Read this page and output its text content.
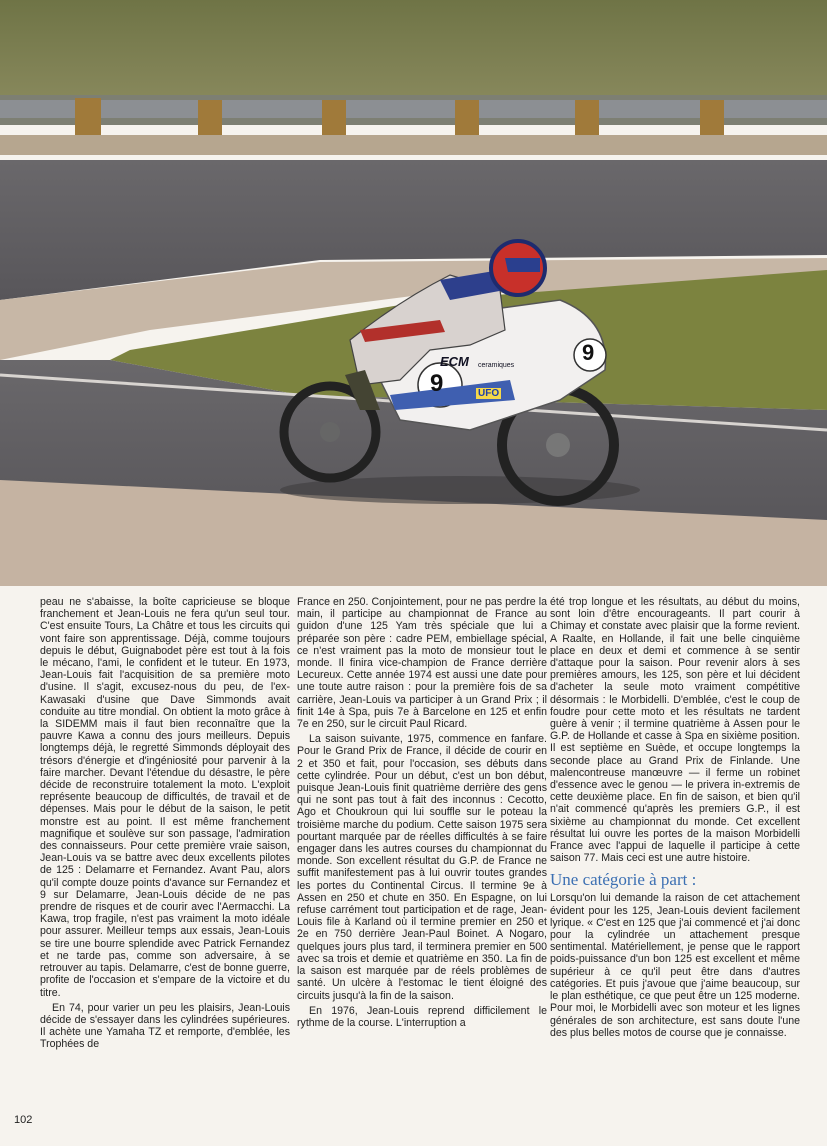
9
9
ECM ceramiques
UFO

peau ne s'abaisse, la boîte capricieuse se bloque franchement et Jean-Louis ne fera qu'un seul tour. C'est ensuite Tours, La Châtre et tous les circuits qui vont faire son apprentissage. Déjà, comme toujours depuis le début, Guignabodet père est tout à la fois le mécano, l'ami, le confident et le tuteur. En 1973, Jean-Louis fait l'acquisition de sa première moto d'usine. Il s'agit, excusez-nous du peu, de l'ex-Kawasaki d'usine que Dave Simmonds avait conduite au titre mondial. On obtient la moto grâce à la SIDEMM mais il faut bien reconnaître que la pauvre Kawa a connu des jours meilleurs. Depuis longtemps déjà, le regretté Simmonds déployait des trésors d'énergie et d'ingéniosité pour parvenir à la faire marcher. Devant l'étendue du désastre, le père décide de reconstruire totalement la moto. L'exploit représente beaucoup de difficultés, de travail et de dépenses. Mais pour le début de la saison, le petit monstre est au point. Il est même franchement magnifique et soulève sur son passage, l'admiration des connaisseurs. Pour cette première vraie saison, Jean-Louis va se battre avec deux excellents pilotes de 125 : Delamarre et Fernandez. Avant Pau, alors qu'il compte douze points d'avance sur Fernandez et 9 sur Delamarre, Jean-Louis décide de ne pas prendre de risques et de courir avec l'Aermacchi. La Kawa, trop fragile, n'est pas vraiment la moto idéale pour assurer. Meilleur temps aux essais, Jean-Louis se tire une bourre splendide avec Patrick Fernandez et ne tarde pas, comme son adversaire, à se retrouver au tapis. Delamarre, c'est de bonne guerre, profite de l'occasion et s'empare de la victoire et du titre.

En 74, pour varier un peu les plaisirs, Jean-Louis décide de s'essayer dans les cylindrées supérieures. Il achète une Yamaha TZ et remporte, d'emblée, les Trophées de

France en 250. Conjointement, pour ne pas perdre la main, il participe au championnat de France au guidon d'une 125 Yam très spéciale que lui a préparée son père : cadre PEM, embiellage spécial, ce n'est vraiment pas la moto de monsieur tout le monde. Il finira vice-champion de France derrière Lecureux. Cette année 1974 est aussi une date pour une toute autre raison : pour la première fois de sa carrière, Jean-Louis va participer à un Grand Prix ; il finit 14e à Spa, puis 7e à Barcelone en 125 et enfin 7e en 250, sur le circuit Paul Ricard.

La saison suivante, 1975, commence en fanfare. Pour le Grand Prix de France, il décide de courir en 2 et 350 et fait, pour l'occasion, ses débuts dans cette cylindrée. Pour un début, c'est un bon début, puisque Jean-Louis finit quatrième derrière des gens qui ne sont pas tout à fait des inconnus : Cecotto, Ago et Choukroun qui lui souffle sur le poteau la troisième marche du podium. Cette saison 1975 sera pourtant marquée par de réelles difficultés à se faire engager dans les autres courses du championnat du monde. Son excellent résultat du G.P. de France ne suffit manifestement pas à lui ouvrir toutes grandes les portes du Continental Circus. Il termine 9e à Assen en 250 et chute en 350. En Espagne, on lui refuse carrément tout participation et de rage, Jean-Louis file à Karland où il termine premier en 250 et 2e en 750 derrière Jean-Paul Boinet. A Nogaro, quelques jours plus tard, il terminera premier en 500 avec sa trois et demie et quatrième en 350. La fin de la saison est marquée par de réels problèmes de santé. Un ulcère à l'estomac le tient éloigné des circuits jusqu'à la fin de la saison.

En 1976, Jean-Louis reprend difficilement le rythme de la course. L'interruption a

été trop longue et les résultats, au début du moins, sont loin d'être encourageants. Il part courir à Chimay et constate avec plaisir que la forme revient. A Raalte, en Hollande, il fait une belle cinquième place en deux et demi et commence à se sentir d'attaque pour la saison. Pour revenir alors à ses premières amours, les 125, son père et lui décident d'acheter la seule moto vraiment compétitive désormais : le Morbidelli. D'emblée, c'est le coup de foudre pour cette moto et les résultats ne tardent guère à venir ; il termine quatrième à Assen pour le G.P. de Hollande et casse à Spa en sixième position. Il est septième en Suède, et occupe longtemps la seconde place au Grand Prix de Finlande. Une malencontreuse manœuvre — il ferme un robinet d'essence avec le genou — le privera in-extremis de cette deuxième place. En fin de saison, et bien qu'il n'ait commencé qu'après les premiers G.P., il est sixième au championnat du monde. Cet excellent résultat lui ouvre les portes de la maison Morbidelli France avec l'appui de laquelle il participe à cette saison 77. Mais ceci est une autre histoire.

Une catégorie à part :

Lorsqu'on lui demande la raison de cet attachement évident pour les 125, Jean-Louis devient facilement lyrique. « C'est en 125 que j'ai commencé et j'ai donc pour la cylindrée un attachement presque sentimental. Matériellement, je pense que le rapport poids-puissance d'un bon 125 est excellent et même supérieur à ce qu'il peut être dans d'autres catégories. Et puis j'avoue que j'aime beaucoup, sur le plan esthétique, ce que peut être un 125 moderne. Pour moi, le Morbidelli avec son moteur et les lignes générales de son architecture, est sans doute l'une des plus belles motos de course que je connaisse.

102
